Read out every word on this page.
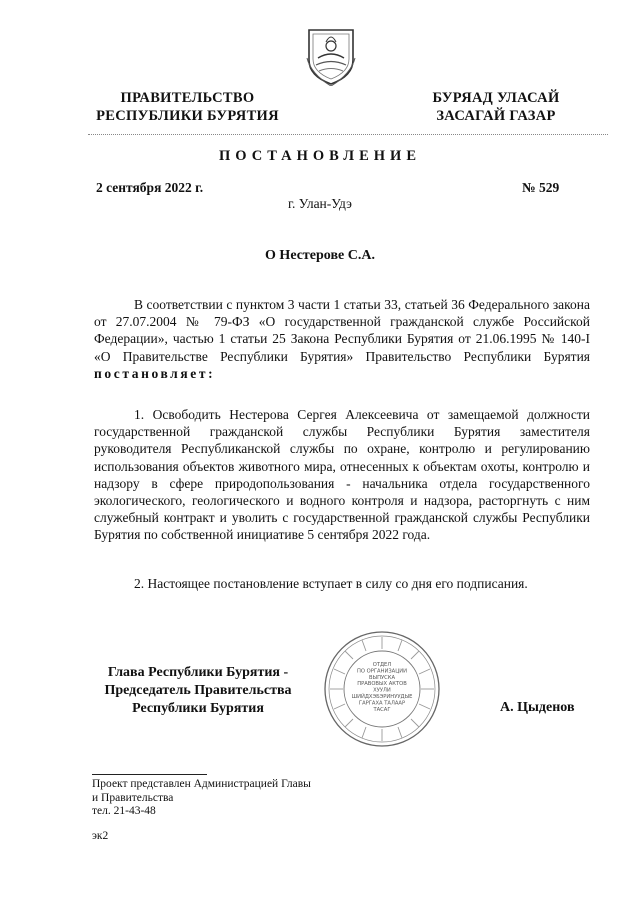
ПРАВИТЕЛЬСТВО
РЕСПУБЛИКИ БУРЯТИЯ
БУРЯАД УЛАСАЙ
ЗАСАГАЙ ГАЗАР
ПОСТАНОВЛЕНИЕ
2 сентября 2022 г.	№ 529
г. Улан-Удэ
О Нестерове С.А.
В соответствии с пунктом 3 части 1 статьи 33, статьей 36 Федерального закона от 27.07.2004 № 79-ФЗ «О государственной гражданской службе Российской Федерации», частью 1 статьи 25 Закона Республики Бурятия от 21.06.1995 № 140-I «О Правительстве Республики Бурятия» Правительство Республики Бурятия постановляет:
1. Освободить Нестерова Сергея Алексеевича от замещаемой должности государственной гражданской службы Республики Бурятия заместителя руководителя Республиканской службы по охране, контролю и регулированию использования объектов животного мира, отнесенных к объектам охоты, контролю и надзору в сфере природопользования - начальника отдела государственного экологического, геологического и водного контроля и надзора, расторгнуть с ним служебный контракт и уволить с государственной гражданской службы Республики Бурятия по собственной инициативе 5 сентября 2022 года.
2. Настоящее постановление вступает в силу со дня его подписания.
Глава Республики Бурятия -
Председатель Правительства
Республики Бурятия
ОТДЕЛ
ПО ОРГАНИЗАЦИИ
ВЫПУСКА
ПРАВОВЫХ АКТОВ
ХУУЛИ
ШИЙДХЭБЭРИНУУДЫЕ
ГАРГАХА ТАЛААР
ТАСАГ	А. Цыденов
Проект представлен Администрацией Главы
и Правительства
тел. 21-43-48
эк2
